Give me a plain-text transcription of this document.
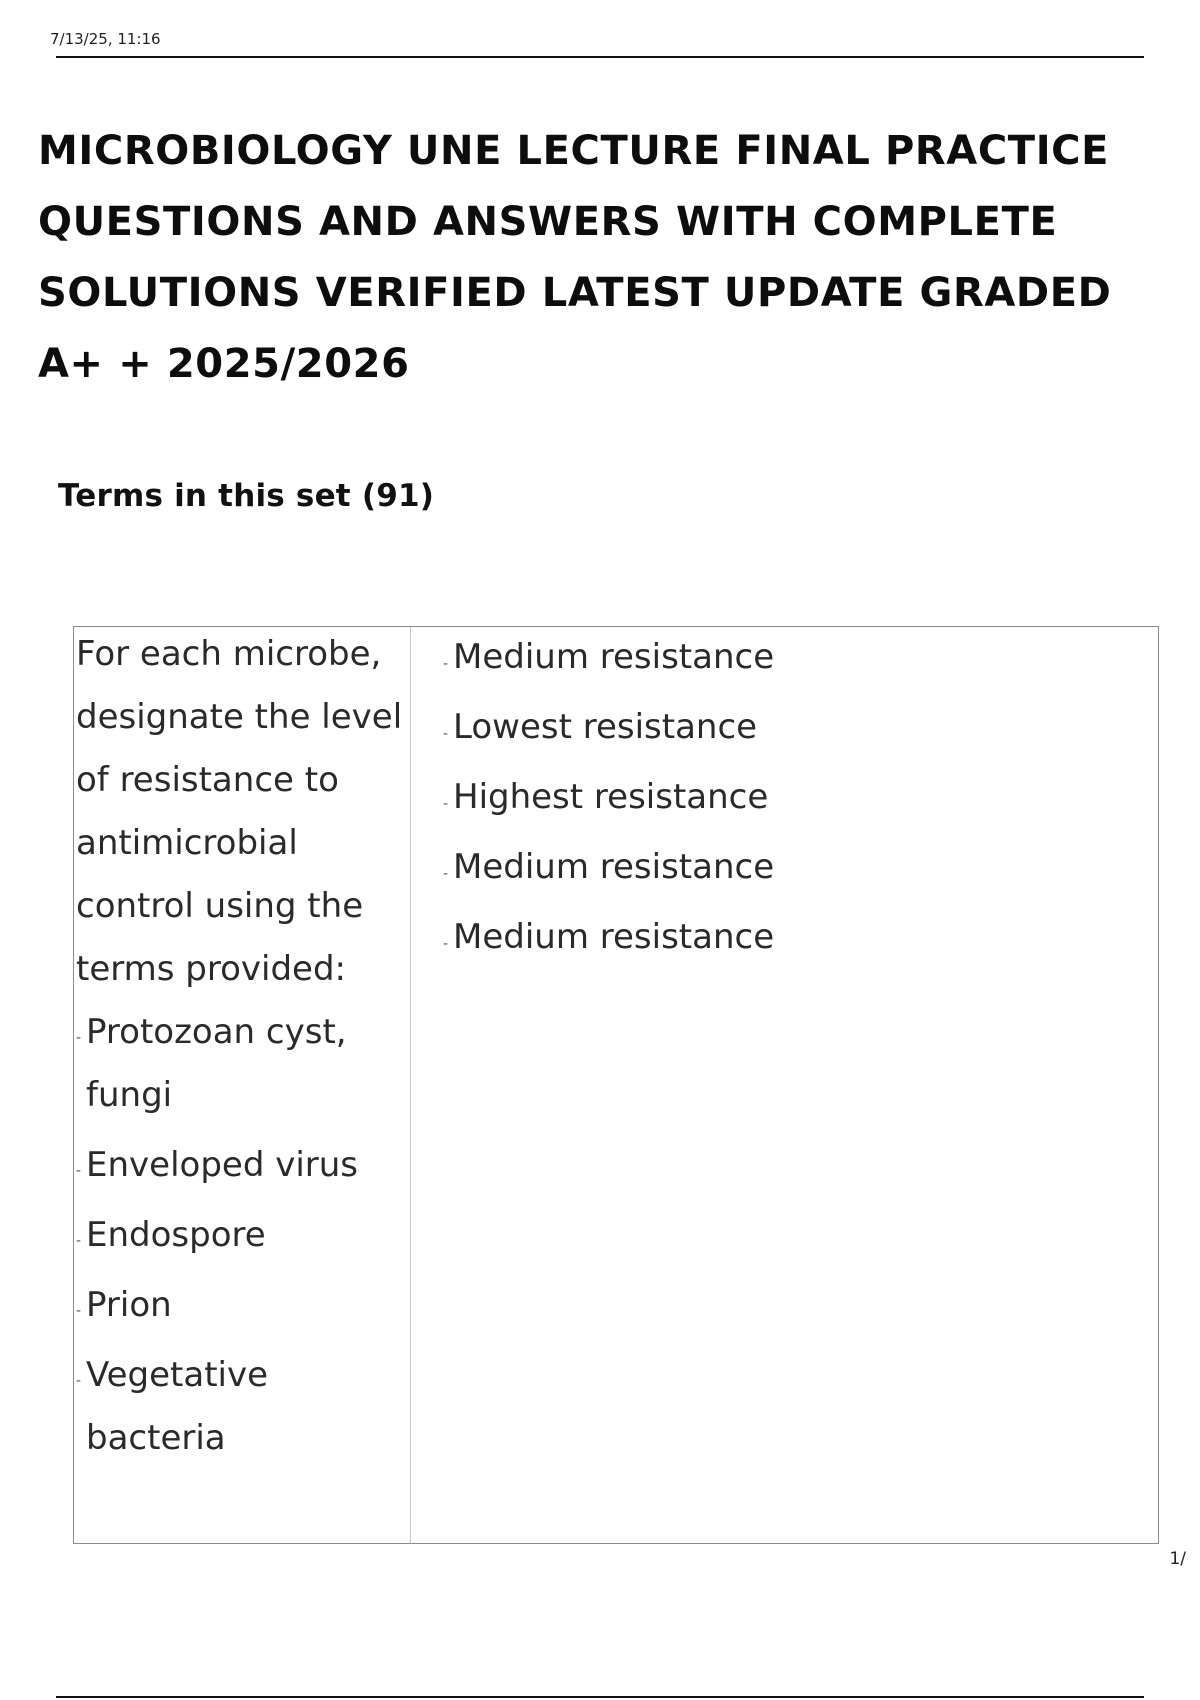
7/13/25, 11:16
MICROBIOLOGY UNE LECTURE FINAL PRACTICE QUESTIONS AND ANSWERS WITH COMPLETE SOLUTIONS VERIFIED LATEST UPDATE GRADED A+ + 2025/2026
Terms in this set (91)

For each microbe, designate the level of resistance to antimicrobial control using the terms provided:

- Protozoan cyst, fungi
- Enveloped virus
- Endospore
- Prion
- Vegetative bacteria
- Medium resistance
- Lowest resistance
- Highest resistance
- Medium resistance
- Medium resistance
1/
